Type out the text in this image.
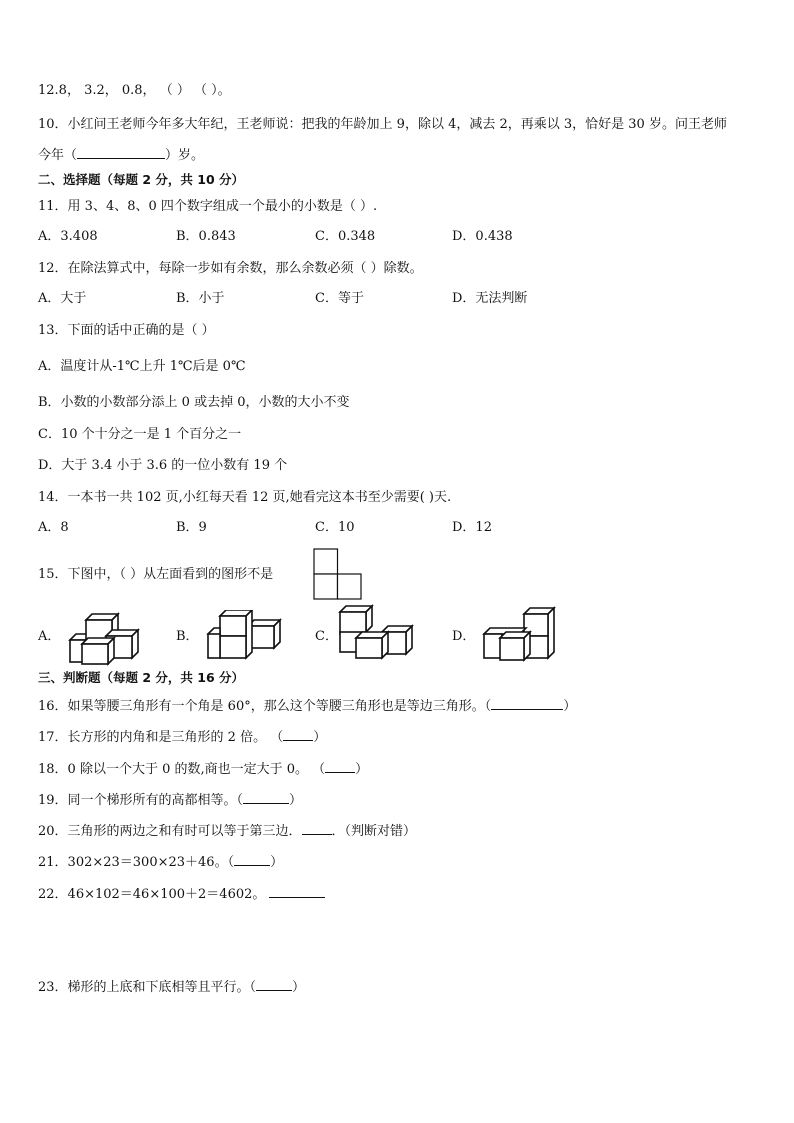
12.8， 3.2， 0.8， （ ） （ ）。
10．小红问王老师今年多大年纪，王老师说：把我的年龄加上 9，除以 4，减去 2，再乘以 3，恰好是 30 岁。问王老师
今年（	）岁。
二、选择题（每题 2 分，共 10 分）
11．用 3、4、8、0 四个数字组成一个最小的小数是（ ）.
A．3.408	B．0.843	C．0.348	D．0.438
12．在除法算式中，每除一步如有余数，那么余数必须（ ）除数。
A．大于	B．小于	C．等于	D．无法判断
13．下面的话中正确的是（ ）
A．温度计从-1℃上升 1℃后是 0℃
B．小数的小数部分添上 0 或去掉 0，小数的大小不变
C．10 个十分之一是 1 个百分之一
D．大于 3.4 小于 3.6 的一位小数有 19 个
14．一本书一共 102 页,小红每天看 12 页,她看完这本书至少需要( )天.
A．8	B．9	C．10	D．12
15．下图中，（ ）从左面看到的图形不是
A．	B．	C．	D．
三、判断题（每题 2 分，共 16 分）
16．如果等腰三角形有一个角是 60°，那么这个等腰三角形也是等边三角形。（	）
17．长方形的内角和是三角形的 2 倍。 （ ）
18．0 除以一个大于 0 的数,商也一定大于 0。 （ ）
19．同一个梯形所有的高都相等。（	）
20．三角形的两边之和有时可以等于第三边． ．（判断对错）
21．302×23＝300×23＋46。（	）
22．46×102＝46×100＋2＝4602。
23．梯形的上底和下底相等且平行。（	）
